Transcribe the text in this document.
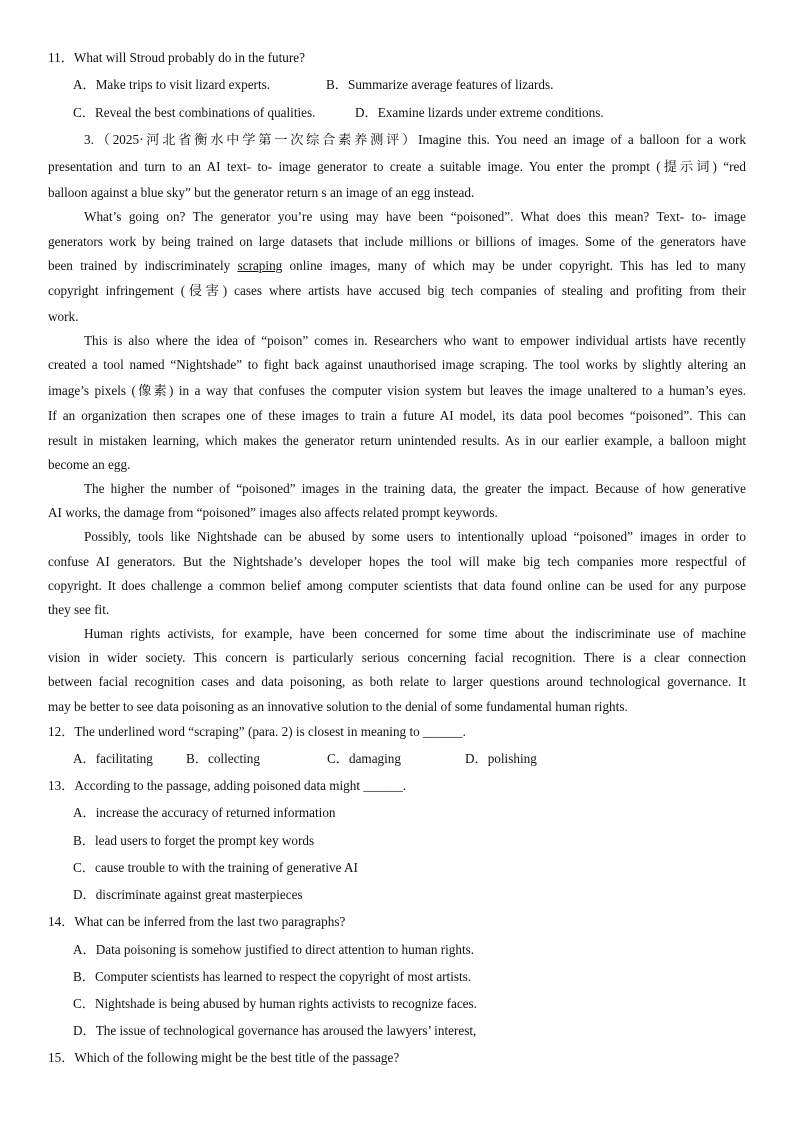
11．What will Stroud probably do in the future?
A．Make trips to visit lizard experts.	B．Summarize average features of lizards.
C．Reveal the best combinations of qualities.	D．Examine lizards under extreme conditions.
3.（2025·河北省衡水中学第一次综合素养测评）Imagine this. You need an image of a balloon for a work
presentation and turn to an AI text- to- image generator to create a suitable image. You enter the prompt (提示词) “red
balloon against a blue sky” but the generator return s an image of an egg instead.
What’s going on? The generator you’re using may have been “poisoned”. What does this mean? Text- to- image
generators work by being trained on large datasets that include millions or billions of images. Some of the generators have
been trained by indiscriminately scraping online images, many of which may be under copyright. This has led to many
copyright infringement (侵害) cases where artists have accused big tech companies of stealing and profiting from their
work.
This is also where the idea of “poison” comes in. Researchers who want to empower individual artists have recently
created a tool named “Nightshade” to fight back against unauthorised image scraping. The tool works by slightly altering an
image’s pixels (像素) in a way that confuses the computer vision system but leaves the image unaltered to a human’s eyes.
If an organization then scrapes one of these images to train a future AI model, its data pool becomes “poisoned”. This can
result in mistaken learning, which makes the generator return unintended results. As in our earlier example, a balloon might
become an egg.
The higher the number of “poisoned” images in the training data, the greater the impact. Because of how generative
AI works, the damage from “poisoned” images also affects related prompt keywords.
Possibly, tools like Nightshade can be abused by some users to intentionally upload “poisoned” images in order to
confuse AI generators. But the Nightshade’s developer hopes the tool will make big tech companies more respectful of
copyright. It does challenge a common belief among computer scientists that data found online can be used for any purpose
they see fit.
Human rights activists, for example, have been concerned for some time about the indiscriminate use of machine
vision in wider society. This concern is particularly serious concerning facial recognition. There is a clear connection
between facial recognition cases and data poisoning, as both relate to larger questions around technological governance. It
may be better to see data poisoning as an innovative solution to the denial of some fundamental human rights.
12．The underlined word “scraping” (para. 2) is closest in meaning to ______.
A．facilitating	B．collecting	C．damaging	D．polishing
13．According to the passage, adding poisoned data might ______.
A．increase the accuracy of returned information
B．lead users to forget the prompt key words
C．cause trouble to with the training of generative AI
D．discriminate against great masterpieces
14．What can be inferred from the last two paragraphs?
A．Data poisoning is somehow justified to direct attention to human rights.
B．Computer scientists has learned to respect the copyright of most artists.
C．Nightshade is being abused by human rights activists to recognize faces.
D．The issue of technological governance has aroused the lawyers’ interest,
15．Which of the following might be the best title of the passage?
